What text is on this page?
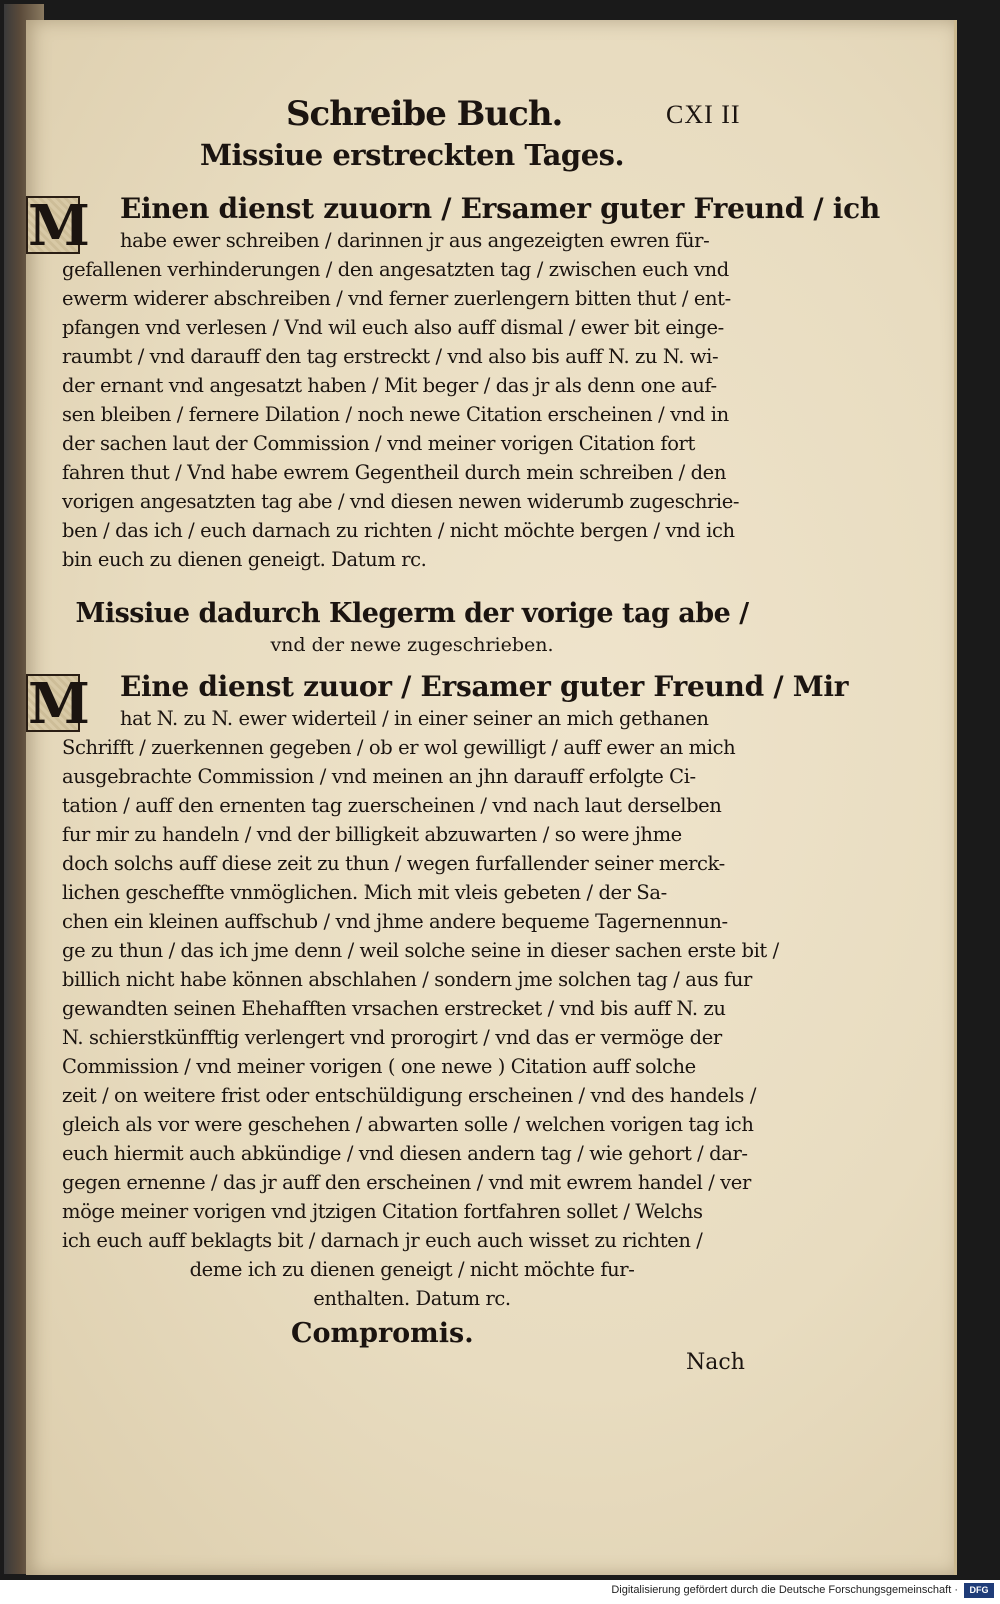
Schreibe Buch.	CXI II
Missiue erstreckten Tages.
M	Einen dienst zuuorn / Ersamer guter Freund / ich
habe ewer schreiben / darinnen jr aus angezeigten ewren für-
gefallenen verhinderungen / den angesatzten tag / zwischen euch vnd
ewerm widerer abschreiben / vnd ferner zuerlengern bitten thut / ent-
pfangen vnd verlesen / Vnd wil euch also auff dismal / ewer bit einge-
raumbt / vnd darauff den tag erstreckt / vnd also bis auff N. zu N. wi-
der ernant vnd angesatzt haben / Mit beger / das jr als denn one auf-
sen bleiben / fernere Dilation / noch newe Citation erscheinen / vnd in
der sachen laut der Commission / vnd meiner vorigen Citation fort
fahren thut / Vnd habe ewrem Gegentheil durch mein schreiben / den
vorigen angesatzten tag abe / vnd diesen newen widerumb zugeschrie-
ben / das ich / euch darnach zu richten / nicht möchte bergen / vnd ich
bin euch zu dienen geneigt. Datum rc.
Missiue dadurch Klegerm der vorige tag abe /
vnd der newe zugeschrieben.
M	Eine dienst zuuor / Ersamer guter Freund / Mir
hat N. zu N. ewer widerteil / in einer seiner an mich gethanen
Schrifft / zuerkennen gegeben / ob er wol gewilligt / auff ewer an mich
ausgebrachte Commission / vnd meinen an jhn darauff erfolgte Ci-
tation / auff den ernenten tag zuerscheinen / vnd nach laut derselben
fur mir zu handeln / vnd der billigkeit abzuwarten / so were jhme
doch solchs auff diese zeit zu thun / wegen furfallender seiner merck-
lichen gescheffte vnmöglichen. Mich mit vleis gebeten / der Sa-
chen ein kleinen auffschub / vnd jhme andere bequeme Tagernennun-
ge zu thun / das ich jme denn / weil solche seine in dieser sachen erste bit /
billich nicht habe können abschlahen / sondern jme solchen tag / aus fur
gewandten seinen Ehehafften vrsachen erstrecket / vnd bis auff N. zu
N. schierstkünfftig verlengert vnd prorogirt / vnd das er vermöge der
Commission / vnd meiner vorigen ( one newe ) Citation auff solche
zeit / on weitere frist oder entschüldigung erscheinen / vnd des handels /
gleich als vor were geschehen / abwarten solle / welchen vorigen tag ich
euch hiermit auch abkündige / vnd diesen andern tag / wie gehort / dar-
gegen ernenne / das jr auff den erscheinen / vnd mit ewrem handel / ver
möge meiner vorigen vnd jtzigen Citation fortfahren sollet / Welchs
ich euch auff beklagts bit / darnach jr euch auch wisset zu richten /
deme ich zu dienen geneigt / nicht möchte fur-
enthalten. Datum rc.
Compromis.
Nach
Digitalisierung gefördert durch die Deutsche Forschungsgemeinschaft ·	DFG
